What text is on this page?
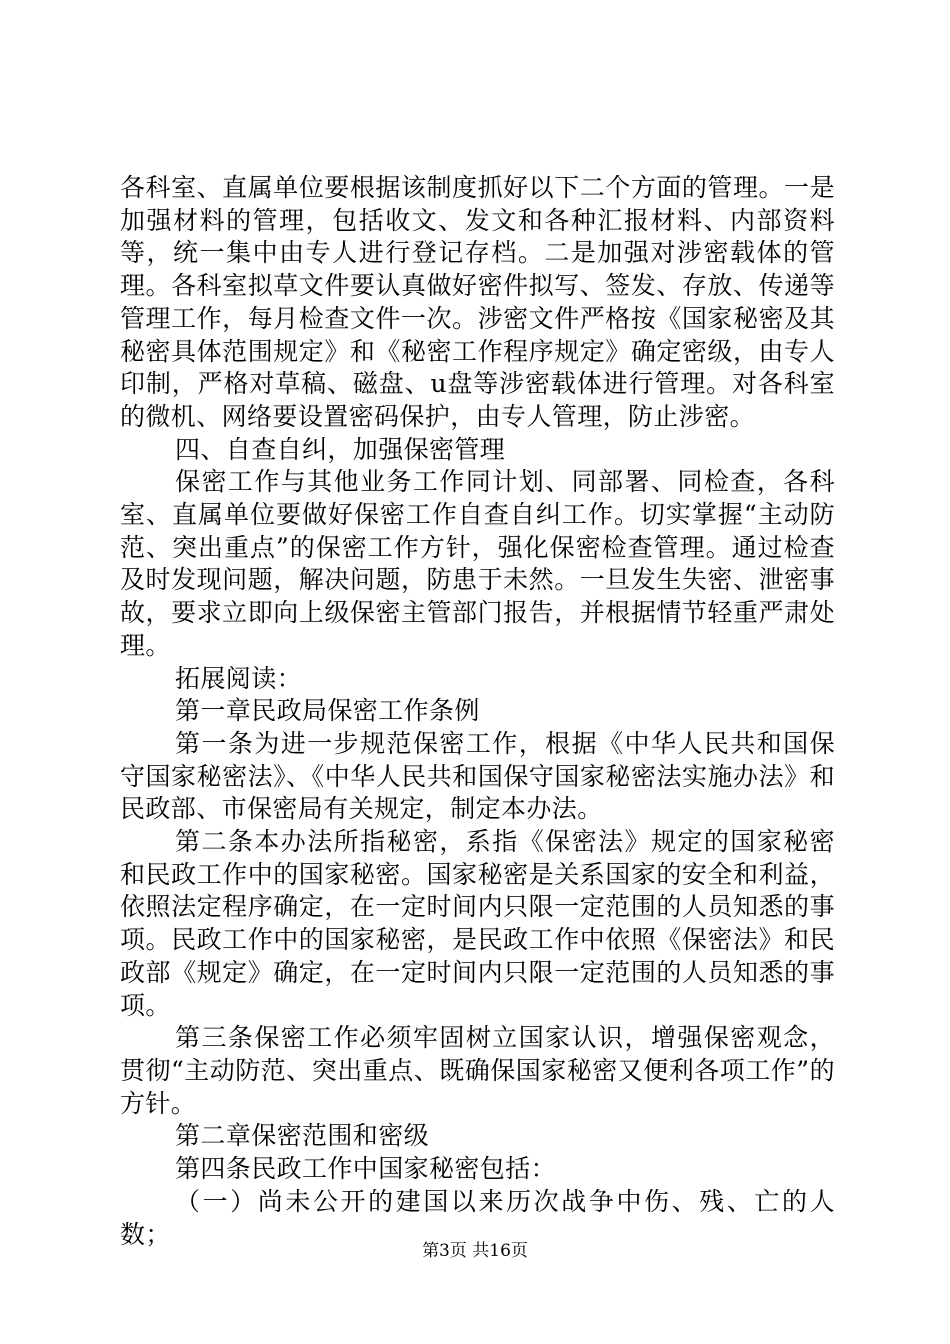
各科室、直属单位要根据该制度抓好以下二个方面的管理。一是加强材料的管理，包括收文、发文和各种汇报材料、内部资料等，统一集中由专人进行登记存档。二是加强对涉密载体的管理。各科室拟草文件要认真做好密件拟写、签发、存放、传递等管理工作，每月检查文件一次。涉密文件严格按《国家秘密及其秘密具体范围规定》和《秘密工作程序规定》确定密级，由专人印制，严格对草稿、磁盘、u盘等涉密载体进行管理。对各科室的微机、网络要设置密码保护，由专人管理，防止涉密。

四、自查自纠，加强保密管理

保密工作与其他业务工作同计划、同部署、同检查，各科室、直属单位要做好保密工作自查自纠工作。切实掌握“主动防范、突出重点”的保密工作方针，强化保密检查管理。通过检查及时发现问题，解决问题，防患于未然。一旦发生失密、泄密事故，要求立即向上级保密主管部门报告，并根据情节轻重严肃处理。

拓展阅读：

第一章民政局保密工作条例

第一条为进一步规范保密工作，根据《中华人民共和国保守国家秘密法》、《中华人民共和国保守国家秘密法实施办法》和民政部、市保密局有关规定，制定本办法。

第二条本办法所指秘密，系指《保密法》规定的国家秘密和民政工作中的国家秘密。国家秘密是关系国家的安全和利益，依照法定程序确定，在一定时间内只限一定范围的人员知悉的事项。民政工作中的国家秘密，是民政工作中依照《保密法》和民政部《规定》确定，在一定时间内只限一定范围的人员知悉的事项。

第三条保密工作必须牢固树立国家认识，增强保密观念，贯彻“主动防范、突出重点、既确保国家秘密又便利各项工作”的方针。

第二章保密范围和密级

第四条民政工作中国家秘密包括：

（一）尚未公开的建国以来历次战争中伤、残、亡的人数；

第3页 共16页
